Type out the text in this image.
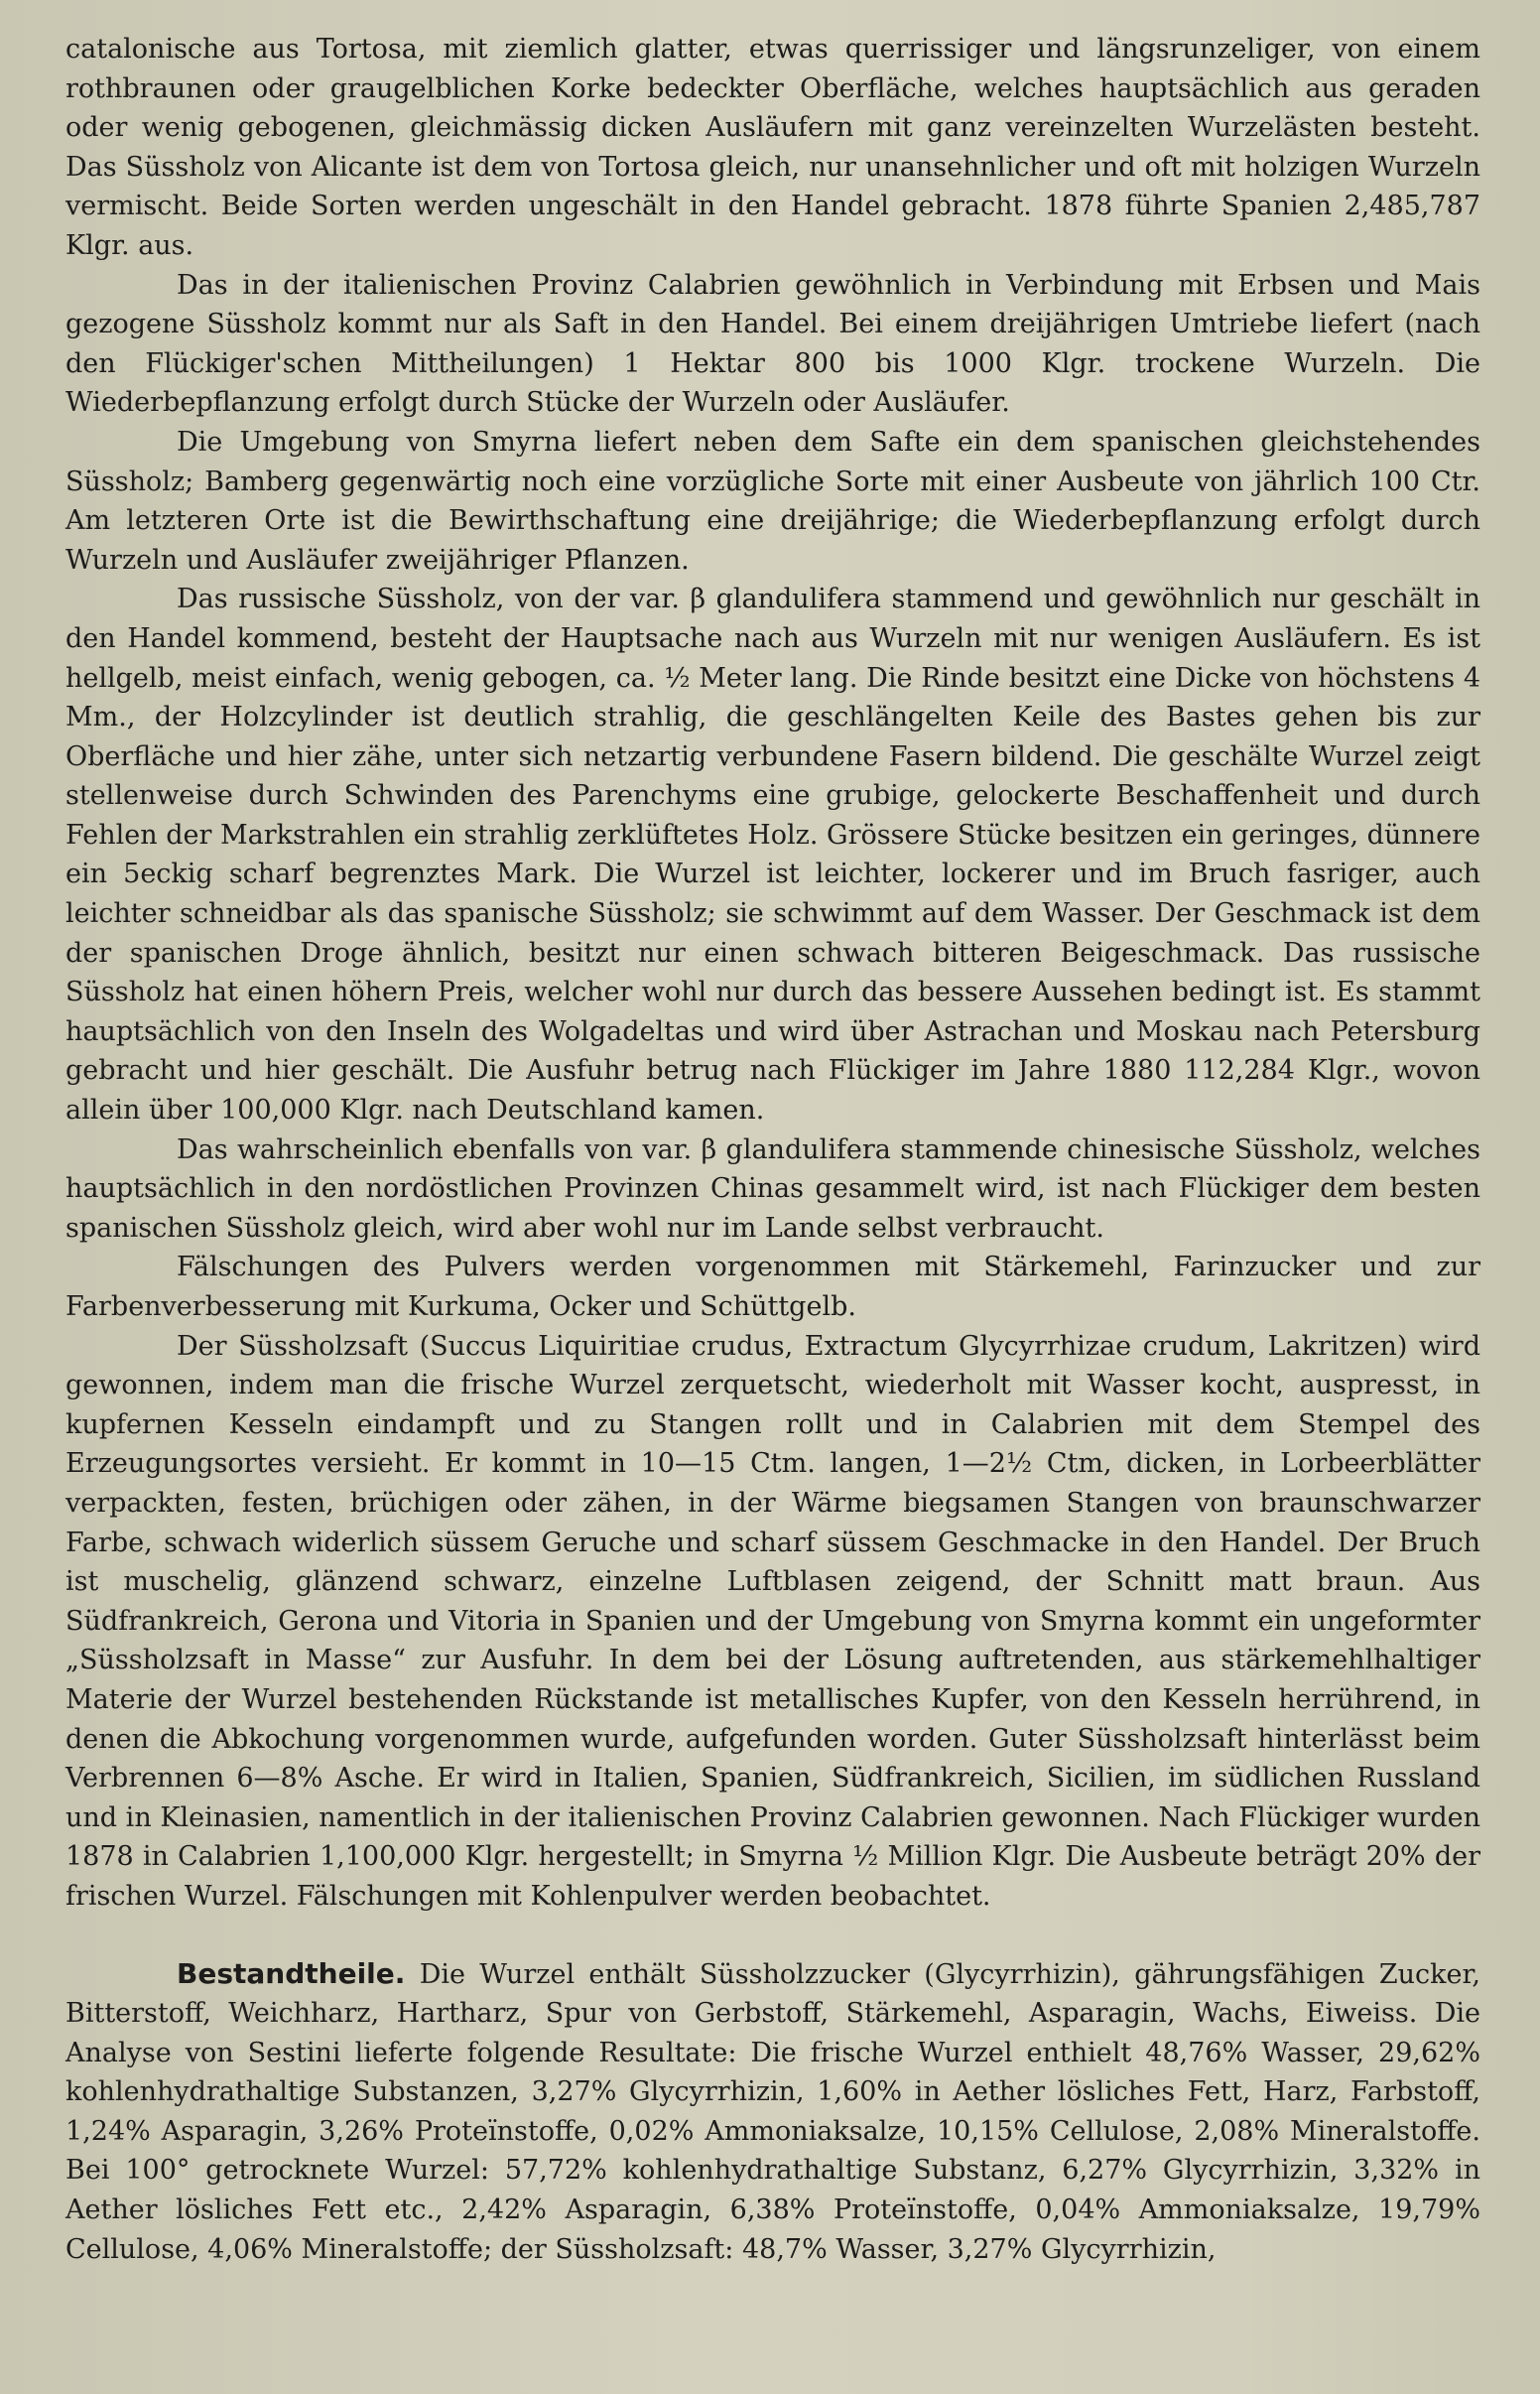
catalonische aus Tortosa, mit ziemlich glatter, etwas querrissiger und längsrunzeliger, von einem rothbraunen oder graugelblichen Korke bedeckter Oberfläche, welches hauptsächlich aus geraden oder wenig gebogenen, gleichmässig dicken Ausläufern mit ganz vereinzelten Wurzelästen besteht. Das Süssholz von Alicante ist dem von Tortosa gleich, nur unansehnlicher und oft mit holzigen Wurzeln vermischt. Beide Sorten werden ungeschält in den Handel gebracht. 1878 führte Spanien 2,485,787 Klgr. aus.

Das in der italienischen Provinz Calabrien gewöhnlich in Verbindung mit Erbsen und Mais gezogene Süssholz kommt nur als Saft in den Handel. Bei einem dreijährigen Umtriebe liefert (nach den Flückiger'schen Mittheilungen) 1 Hektar 800 bis 1000 Klgr. trockene Wurzeln. Die Wiederbepflanzung erfolgt durch Stücke der Wurzeln oder Ausläufer.

Die Umgebung von Smyrna liefert neben dem Safte ein dem spanischen gleichstehendes Süssholz; Bamberg gegenwärtig noch eine vorzügliche Sorte mit einer Ausbeute von jährlich 100 Ctr. Am letzteren Orte ist die Bewirthschaftung eine dreijährige; die Wiederbepflanzung erfolgt durch Wurzeln und Ausläufer zweijähriger Pflanzen.

Das russische Süssholz, von der var. β glandulifera stammend und gewöhnlich nur geschält in den Handel kommend, besteht der Hauptsache nach aus Wurzeln mit nur wenigen Ausläufern. Es ist hellgelb, meist einfach, wenig gebogen, ca. ½ Meter lang. Die Rinde besitzt eine Dicke von höchstens 4 Mm., der Holzcylinder ist deutlich strahlig, die geschlängelten Keile des Bastes gehen bis zur Oberfläche und hier zähe, unter sich netzartig verbundene Fasern bildend. Die geschälte Wurzel zeigt stellenweise durch Schwinden des Parenchyms eine grubige, gelockerte Beschaffenheit und durch Fehlen der Markstrahlen ein strahlig zerklüftetes Holz. Grössere Stücke besitzen ein geringes, dünnere ein 5eckig scharf begrenztes Mark. Die Wurzel ist leichter, lockerer und im Bruch fasriger, auch leichter schneidbar als das spanische Süssholz; sie schwimmt auf dem Wasser. Der Geschmack ist dem der spanischen Droge ähnlich, besitzt nur einen schwach bitteren Beigeschmack. Das russische Süssholz hat einen höhern Preis, welcher wohl nur durch das bessere Aussehen bedingt ist. Es stammt hauptsächlich von den Inseln des Wolgadeltas und wird über Astrachan und Moskau nach Petersburg gebracht und hier geschält. Die Ausfuhr betrug nach Flückiger im Jahre 1880 112,284 Klgr., wovon allein über 100,000 Klgr. nach Deutschland kamen.

Das wahrscheinlich ebenfalls von var. β glandulifera stammende chinesische Süssholz, welches hauptsächlich in den nordöstlichen Provinzen Chinas gesammelt wird, ist nach Flückiger dem besten spanischen Süssholz gleich, wird aber wohl nur im Lande selbst verbraucht.

Fälschungen des Pulvers werden vorgenommen mit Stärkemehl, Farinzucker und zur Farbenverbesserung mit Kurkuma, Ocker und Schüttgelb.

Der Süssholzsaft (Succus Liquiritiae crudus, Extractum Glycyrrhizae crudum, Lakritzen) wird gewonnen, indem man die frische Wurzel zerquetscht, wiederholt mit Wasser kocht, auspresst, in kupfernen Kesseln eindampft und zu Stangen rollt und in Calabrien mit dem Stempel des Erzeugungsortes versieht. Er kommt in 10—15 Ctm. langen, 1—2½ Ctm, dicken, in Lorbeerblätter verpackten, festen, brüchigen oder zähen, in der Wärme biegsamen Stangen von braunschwarzer Farbe, schwach widerlich süssem Geruche und scharf süssem Geschmacke in den Handel. Der Bruch ist muschelig, glänzend schwarz, einzelne Luftblasen zeigend, der Schnitt matt braun. Aus Südfrankreich, Gerona und Vitoria in Spanien und der Umgebung von Smyrna kommt ein ungeformter „Süssholzsaft in Masse“ zur Ausfuhr. In dem bei der Lösung auftretenden, aus stärkemehlhaltiger Materie der Wurzel bestehenden Rückstande ist metallisches Kupfer, von den Kesseln herrührend, in denen die Abkochung vorgenommen wurde, aufgefunden worden. Guter Süssholzsaft hinterlässt beim Verbrennen 6—8% Asche. Er wird in Italien, Spanien, Südfrankreich, Sicilien, im südlichen Russland und in Kleinasien, namentlich in der italienischen Provinz Calabrien gewonnen. Nach Flückiger wurden 1878 in Calabrien 1,100,000 Klgr. hergestellt; in Smyrna ½ Million Klgr. Die Ausbeute beträgt 20% der frischen Wurzel. Fälschungen mit Kohlenpulver werden beobachtet.

Bestandtheile. Die Wurzel enthält Süssholzzucker (Glycyrrhizin), gährungsfähigen Zucker, Bitterstoff, Weichharz, Hartharz, Spur von Gerbstoff, Stärkemehl, Asparagin, Wachs, Eiweiss. Die Analyse von Sestini lieferte folgende Resultate: Die frische Wurzel enthielt 48,76% Wasser, 29,62% kohlenhydrathaltige Substanzen, 3,27% Glycyrrhizin, 1,60% in Aether lösliches Fett, Harz, Farbstoff, 1,24% Asparagin, 3,26% Proteïnstoffe, 0,02% Ammoniaksalze, 10,15% Cellulose, 2,08% Mineralstoffe. Bei 100° getrocknete Wurzel: 57,72% kohlenhydrathaltige Substanz, 6,27% Glycyrrhizin, 3,32% in Aether lösliches Fett etc., 2,42% Asparagin, 6,38% Proteïnstoffe, 0,04% Ammoniaksalze, 19,79% Cellulose, 4,06% Mineralstoffe; der Süssholzsaft: 48,7% Wasser, 3,27% Glycyrrhizin,
